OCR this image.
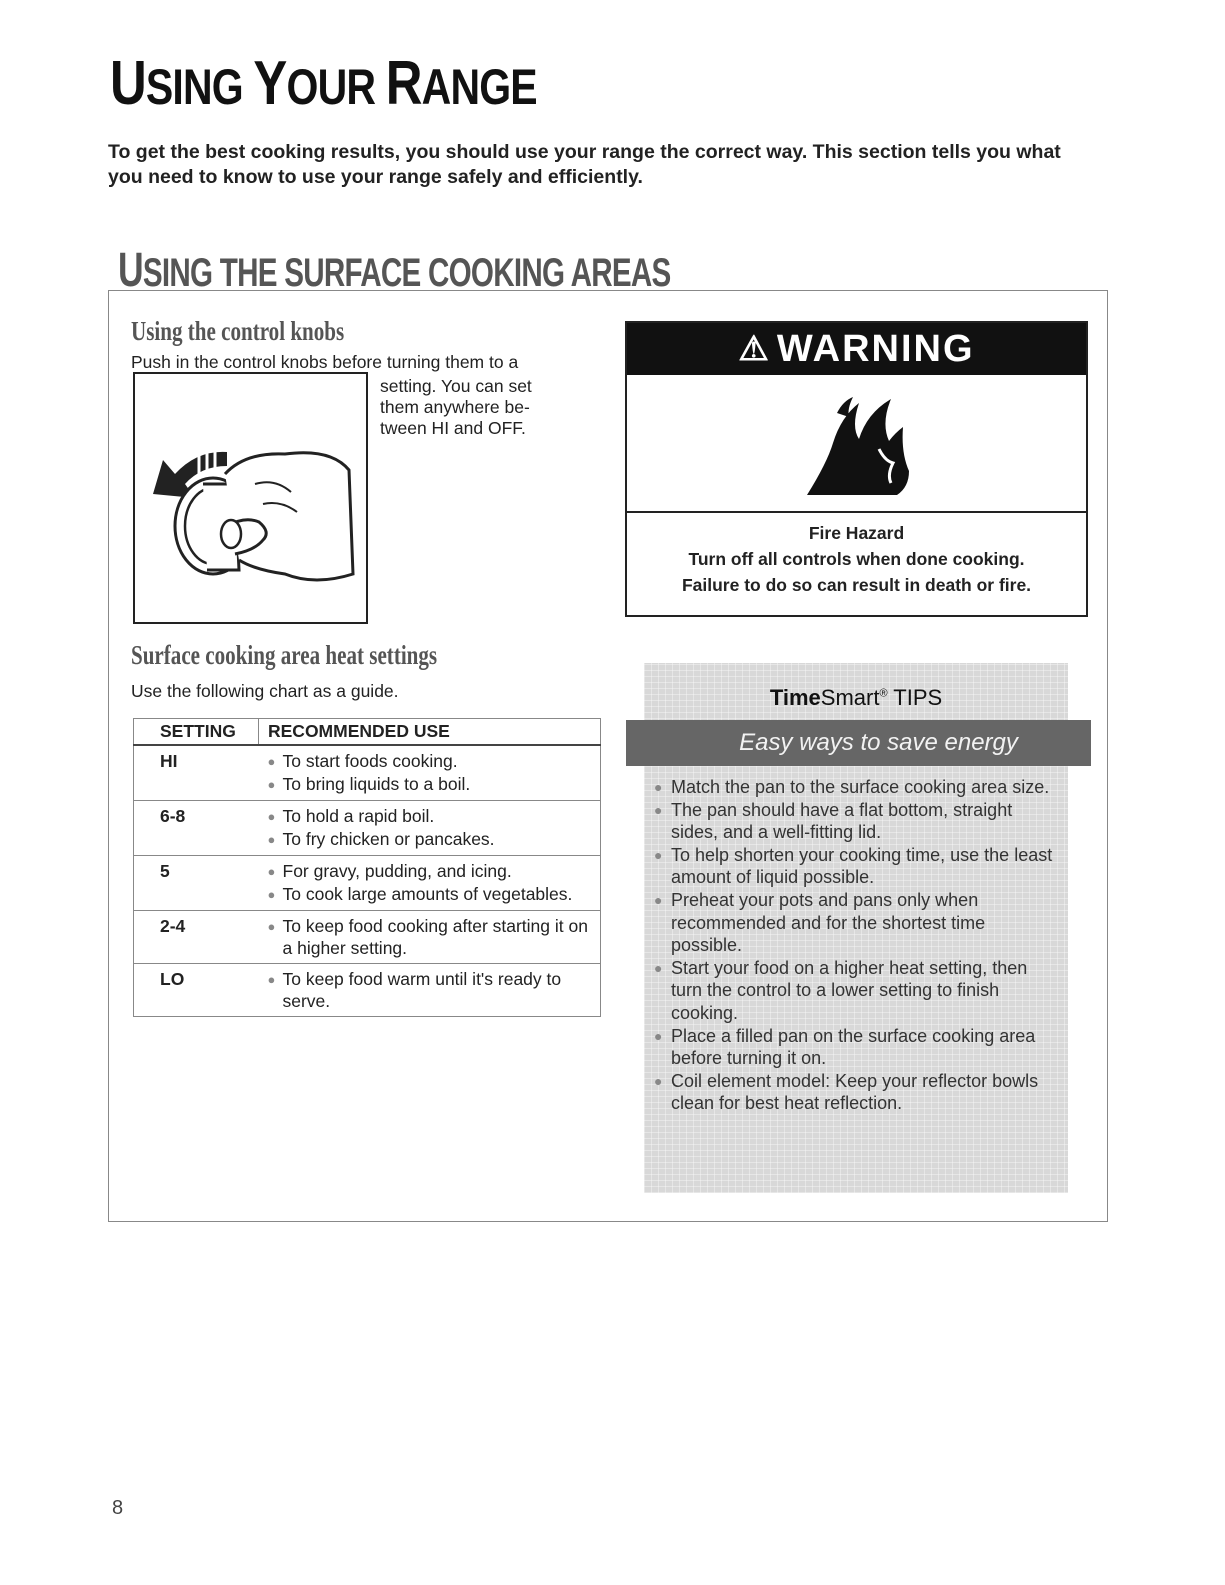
USING YOUR RANGE

To get the best cooking results, you should use your range the correct way. This section tells you what you need to know to use your range safely and efficiently.

USING THE SURFACE COOKING AREAS
Using the control knobs
Push in the control knobs before turning them to a
setting. You can set them anywhere be- tween HI and OFF.
⚠ WARNING
Fire Hazard
Turn off all controls when done cooking.
Failure to do so can result in death or fire.
Surface cooking area heat settings
Use the following chart as a guide.
SETTING	RECOMMENDED USE
HI	● To start foods cooking.
● To bring liquids to a boil.

6-8	● To hold a rapid boil.
● To fry chicken or pancakes.

5	● For gravy, pudding, and icing.
● To cook large amounts of vegetables.

2-4	● To keep food cooking after starting it on a higher setting.

LO	● To keep food warm until it's ready to serve.
TimeSmart® TIPS
Easy ways to save energy
● Match the pan to the surface cooking area size.
● The pan should have a flat bottom, straight sides, and a well-fitting lid.
● To help shorten your cooking time, use the least amount of liquid possible.
● Preheat your pots and pans only when recommended and for the shortest time possible.
● Start your food on a higher heat setting, then turn the control to a lower setting to finish cooking.
● Place a filled pan on the surface cooking area before turning it on.
● Coil element model: Keep your reflector bowls clean for best heat reflection.
8
